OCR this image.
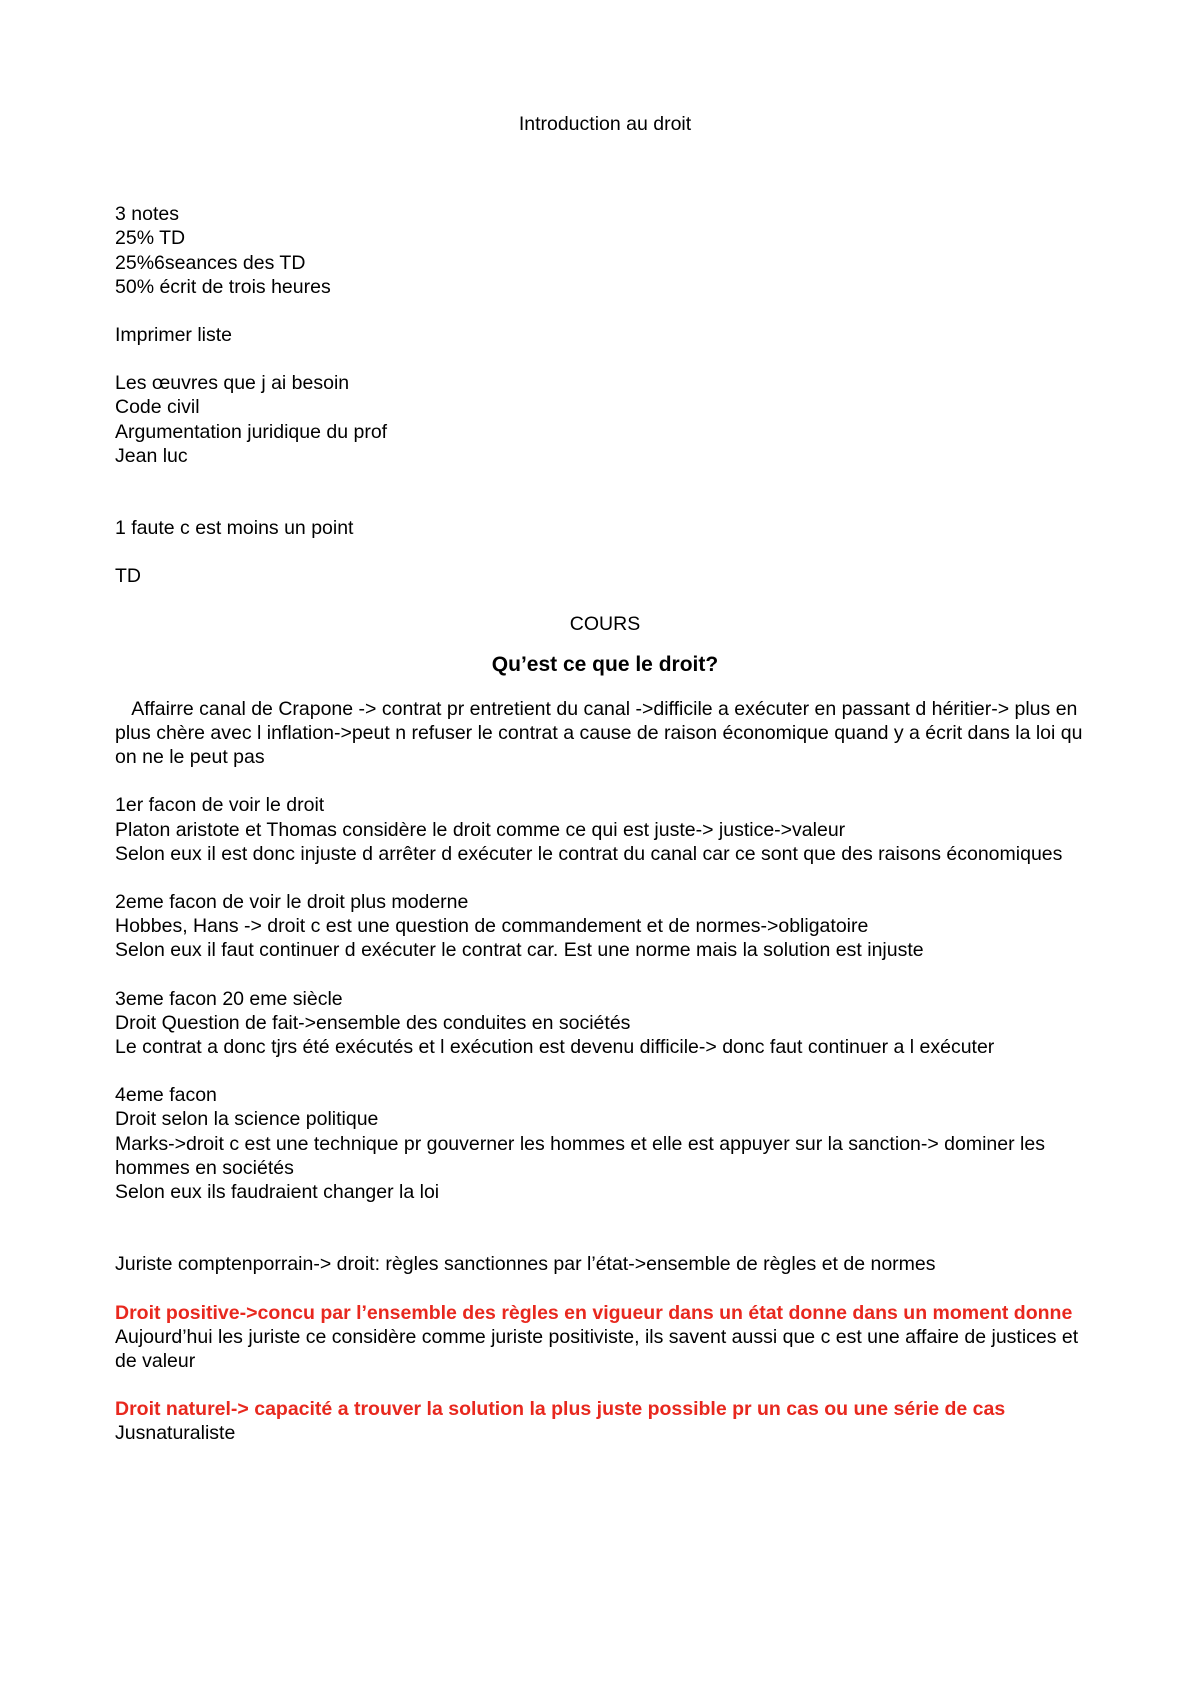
Introduction au droit
3 notes
25% TD
25%6seances des TD
50% écrit de trois heures
Imprimer liste
Les œuvres que j ai besoin
Code civil
Argumentation juridique du prof
Jean luc
1 faute c est moins un point
TD
COURS
Qu’est ce que le droit?
Affairre canal de Crapone -> contrat pr entretient du canal ->difficile a exécuter en passant d héritier-> plus en plus chère avec l inflation->peut n refuser le contrat a cause de raison économique quand y a écrit dans la loi qu on ne le peut pas
1er facon de voir le droit
Platon aristote et Thomas considère le droit comme ce qui est juste-> justice->valeur
Selon eux il est donc injuste d arrêter d exécuter le contrat du canal car ce sont que des raisons économiques
2eme facon de voir le droit plus moderne
Hobbes, Hans -> droit c est une question de commandement et de normes->obligatoire
Selon eux il faut continuer d exécuter le contrat car. Est une norme mais la solution est injuste
3eme facon 20 eme siècle
Droit Question de fait->ensemble des conduites en sociétés
Le contrat a donc tjrs été exécutés et l exécution est devenu difficile-> donc faut continuer a l exécuter
4eme facon
Droit selon la science politique
Marks->droit c est une technique pr gouverner les hommes et elle est appuyer sur la sanction-> dominer les hommes en sociétés
Selon eux ils faudraient changer la loi
Juriste comptenporrain-> droit: règles sanctionnes par l’état->ensemble de règles et de normes
Droit positive->concu par l’ensemble des règles en vigueur dans un état donne dans un moment donne
Aujourd’hui les juriste ce considère comme juriste positiviste, ils savent aussi que c est une affaire de justices et de valeur
Droit naturel-> capacité a trouver la solution la plus juste possible pr un cas ou une série de cas
Jusnaturaliste
